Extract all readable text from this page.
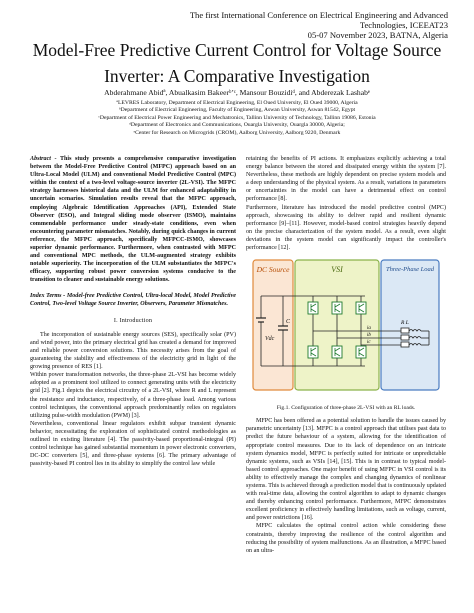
The first International Conference on Electrical Engineering and Advanced Technologies, ICEEAT23
05-07 November 2023, BATNA, Algeria
Model-Free Predictive Current Control for Voltage Source
Inverter: A Comparative Investigation
Abderahmane Abidª, Abualkasim Bakeerᵇʼᶜ, Mansour Bouzidiᵈ, and Abderezak Lashabᵉ
ªLEVRES Laboratory, Department of Electrical Engineering, El Oued University, El Oued 39000, Algeria
ᵇDepartment of Electrical Engineering, Faculty of Engineering, Aswan University, Aswan 81542, Egypt
ᶜDepartment of Electrical Power Engineering and Mechatronics, Tallinn University of Technology, Tallinn 19086, Estonia
ᵈDepartment of Electronics and Communications, Ouargla University, Ouargla 30000, Algeria;
ᵉCenter for Research on Microgrids (CROM), Aalborg University, Aalborg 9220, Denmark
Abstract - This study presents a comprehensive comparative investigation between the Model-Free Predictive Control (MFPC) approach based on an Ultra-Local Model (ULM) and conventional Model Predictive Control (MPC) within the context of a two-level voltage-source inverter (2L-VSI). The MFPC strategy harnesses historical data and the ULM for enhanced adaptability in uncertain scenarios. Simulation results reveal that the MFPC approach, employing Algebraic Identification Approaches (API), Extended State Observer (ESO), and Integral sliding mode observer (ISMO), maintains commendable performance under steady-state conditions, even when encountering parameter mismatches. Notably, during quick changes in current reference, the MFPC approach, specifically MFPCC-ISMO, showcases superior dynamic performance. Furthermore, when contrasted with MFPC and conventional MPC methods, the ULM-augmented strategy exhibits notable superiority. The incorporation of the ULM substantiates the MFPC's efficacy, supporting robust power conversion systems conducive to the transition to cleaner and sustainable energy solutions.
Index Terms - Model-free Predictive Control, Ultra-local Model, Model Predictive Control, Two-level Voltage Source Inverter, Observers, Parameter Mismatches.
I. Introduction

The incorporation of sustainable energy sources (SES), specifically solar (PV) and wind power, into the primary electrical grid has created a demand for improved and reliable power conversion solutions. This necessity arises from the goal of guaranteeing the stability and effectiveness of the electricity grid in light of the growing presence of RES [1].

Within power transformation networks, the three-phase 2L-VSI has become widely adopted as a prominent tool utilized to connect generating units with the electricity grid [2]. Fig.1 depicts the electrical circuitry of a 2L-VSI, where R and L represent the resistance and inductance, respectively, of a three-phase load. Among various control techniques, the conventional approach predominantly relies on regulators utilizing pulse-width modulation (PWM) [3].

Nevertheless, conventional linear regulators exhibit subpar transient dynamic behavior, necessitating the exploration of sophisticated control methodologies as outlined in existing literature [4]. The passivity-based proportional-integral (PI) control technique has gained substantial momentum in power electronic converters, DC-DC converters [5], and three-phase systems [6]. The primary advantage of passivity-based PI control lies in its ability to simplify the control law while

retaining the benefits of PI actions. It emphasizes explicitly achieving a total energy balance between the stored and dissipated energy within the system [7]. Nevertheless, these methods are highly dependent on precise system models and a deep understanding of the physical system. As a result, variations in parameters or uncertainties in the model can have a detrimental effect on control performance [8].

Furthermore, literature has introduced the model predictive control (MPC) approach, showcasing its ability to deliver rapid and resilient dynamic performance [9]–[11]. However, model-based control strategies heavily depend on the precise characterization of the system model. As a result, even slight deviations in the system model can significantly impact the controller's performance [12].

DC Source	VSI	Three-Phase Load
Vdc
C
ia
ib
ic
R L
Fig.1. Configuration of three-phase 2L-VSI with an RL loads.

MFPC has been offered as a potential solution to handle the issues caused by parametric uncertainty [13]. MFPC is a control approach that utilises past data to predict the future behaviour of a system, allowing for the identification of appropriate control measures. Due to its lack of dependence on an intricate system dynamics model, MFPC is perfectly suited for intricate or unpredictable dynamic systems, such as VSIs [14], [15]. This is in contrast to typical model-based control approaches. One major benefit of using MFPC in VSI control is its ability to effectively manage the complex and changing dynamics of nonlinear systems. This is achieved through a prediction model that is continuously updated with real-time data, allowing the control algorithm to adapt to dynamic changes and thereby enhancing control performance. Furthermore, MFPC demonstrates excellent proficiency in effectively handling limitations, such as voltage, current, and power restrictions [16].

MFPC calculates the optimal control action while considering these constraints, thereby improving the resilience of the control algorithm and reducing the possibility of system malfunctions. As an illustration, a MFPC based on an ultra-
